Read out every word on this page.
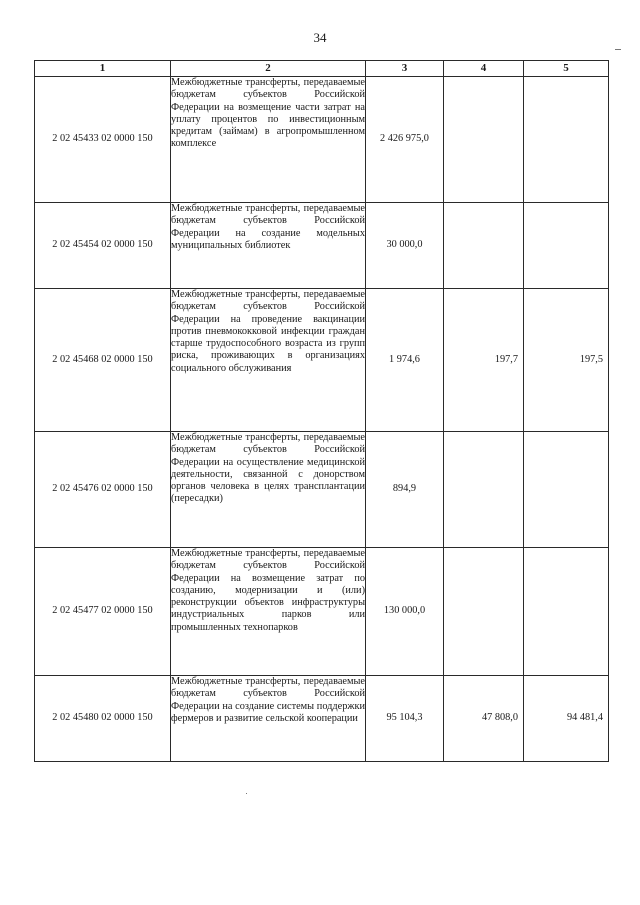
34
1	2	3	4	5
2 02 45433 02 0000 150	Межбюджетные трансферты, передаваемые бюджетам субъектов Российской Федерации на возмещение части затрат на уплату процентов по инвестиционным кредитам (займам) в агропромышленном комплексе	2 426 975,0		
2 02 45454 02 0000 150	Межбюджетные трансферты, передаваемые бюджетам субъектов Российской Федерации на создание модельных муниципальных библиотек	30 000,0		
2 02 45468 02 0000 150	Межбюджетные трансферты, передаваемые бюджетам субъектов Российской Федерации на проведение вакцинации против пневмококковой инфекции граждан старше трудоспособного возраста из групп риска, проживающих в организациях социального обслуживания	1 974,6	197,7	197,5
2 02 45476 02 0000 150	Межбюджетные трансферты, передаваемые бюджетам субъектов Российской Федерации на осуществление медицинской деятельности, связанной с донорством органов человека в целях трансплантации (пересадки)	894,9		
2 02 45477 02 0000 150	Межбюджетные трансферты, передаваемые бюджетам субъектов Российской Федерации на возмещение затрат по созданию, модернизации и (или) реконструкции объектов инфраструктуры индустриальных парков или промышленных технопарков	130 000,0		
2 02 45480 02 0000 150	Межбюджетные трансферты, передаваемые бюджетам субъектов Российской Федерации на создание системы поддержки фермеров и развитие сельской кооперации	95 104,3	47 808,0	94 481,4
